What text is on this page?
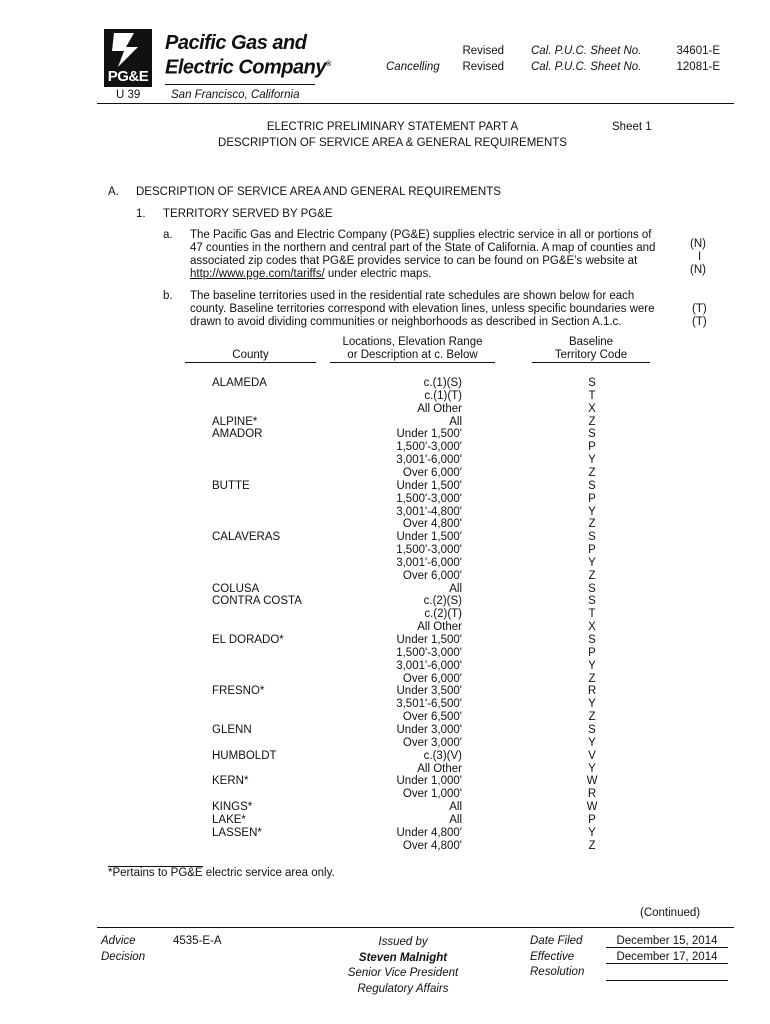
PG&E
Pacific Gas and
Electric Company®
Revised
Cancelling	Revised
Cal. P.U.C. Sheet No.
Cal. P.U.C. Sheet No.
34601-E
12081-E
U 39	San Francisco, California
ELECTRIC PRELIMINARY STATEMENT PART A
DESCRIPTION OF SERVICE AREA & GENERAL REQUIREMENTS
Sheet 1
A. DESCRIPTION OF SERVICE AREA AND GENERAL REQUIREMENTS
1. TERRITORY SERVED BY PG&E
a. The Pacific Gas and Electric Company (PG&E) supplies electric service in all or portions of
47 counties in the northern and central part of the State of California. A map of counties and
associated zip codes that PG&E provides service to can be found on PG&E’s website at
http://www.pge.com/tariffs/ under electric maps.
(N)
I
(N)
b. The baseline territories used in the residential rate schedules are shown below for each
county. Baseline territories correspond with elevation lines, unless specific boundaries were
drawn to avoid dividing communities or neighborhoods as described in Section A.1.c.
(T)
(T)
County
Locations, Elevation Range
or Description at c. Below
Baseline
Territory Code
ALAMEDA	c.(1)(S)	S
c.(1)(T)	T
All Other	X
ALPINE*	All	Z
AMADOR	Under 1,500'	S
1,500'-3,000'	P
3,001'-6,000'	Y
Over 6,000'	Z
BUTTE	Under 1,500'	S
1,500'-3,000'	P
3,001'-4,800'	Y
Over 4,800'	Z
CALAVERAS	Under 1,500'	S
1,500'-3,000'	P
3,001'-6,000'	Y
Over 6,000'	Z
COLUSA	All	S
CONTRA COSTA	c.(2)(S)	S
c.(2)(T)	T
All Other	X
EL DORADO*	Under 1,500'	S
1,500'-3,000'	P
3,001'-6,000'	Y
Over 6,000'	Z
FRESNO*	Under 3,500'	R
3,501'-6,500'	Y
Over 6,500'	Z
GLENN	Under 3,000'	S
Over 3,000'	Y
HUMBOLDT	c.(3)(V)	V
All Other	Y
KERN*	Under 1,000'	W
Over 1,000'	R
KINGS*	All	W
LAKE*	All	P
LASSEN*	Under 4,800'	Y
Over 4,800'	Z
*Pertains to PG&E electric service area only.
(Continued)
Advice
Decision
4535-E-A	Issued by
Steven Malnight
Senior Vice President
Regulatory Affairs
Date Filed
Effective
Resolution
December 15, 2014
December 17, 2014
